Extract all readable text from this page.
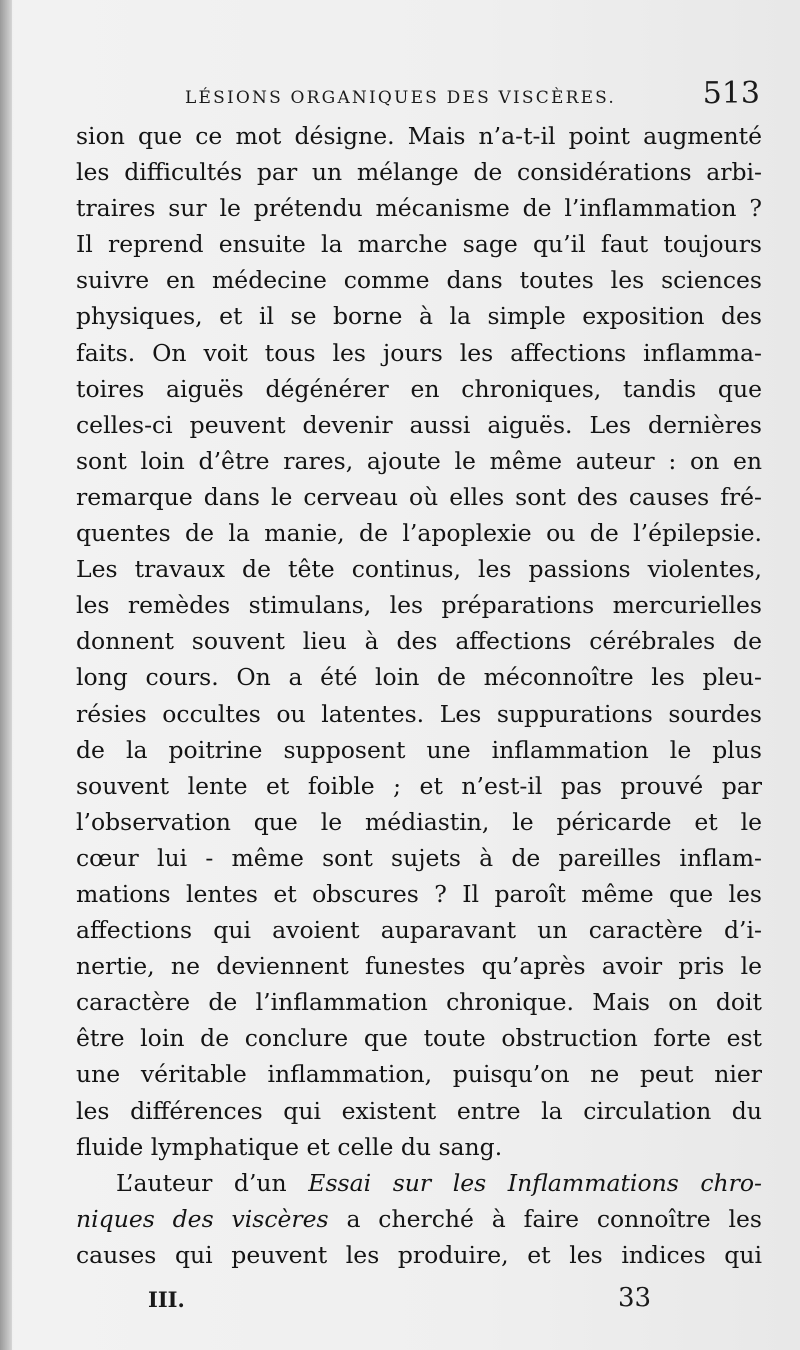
LÉSIONS ORGANIQUES DES VISCÈRES.	513
sion que ce mot désigne. Mais n’a-t-il point augmenté
les difficultés par un mélange de considérations arbi-
traires sur le prétendu mécanisme de l’inflammation ?
Il reprend ensuite la marche sage qu’il faut toujours
suivre en médecine comme dans toutes les sciences
physiques, et il se borne à la simple exposition des
faits. On voit tous les jours les affections inflamma-
toires aiguës dégénérer en chroniques, tandis que
celles-ci peuvent devenir aussi aiguës. Les dernières
sont loin d’être rares, ajoute le même auteur : on en
remarque dans le cerveau où elles sont des causes fré-
quentes de la manie, de l’apoplexie ou de l’épilepsie.
Les travaux de tête continus, les passions violentes,
les remèdes stimulans, les préparations mercurielles
donnent souvent lieu à des affections cérébrales de
long cours. On a été loin de méconnoître les pleu-
résies occultes ou latentes. Les suppurations sourdes
de la poitrine supposent une inflammation le plus
souvent lente et foible ; et n’est-il pas prouvé par
l’observation que le médiastin, le péricarde et le
cœur lui - même sont sujets à de pareilles inflam-
mations lentes et obscures ? Il paroît même que les
affections qui avoient auparavant un caractère d’i-
nertie, ne deviennent funestes qu’après avoir pris le
caractère de l’inflammation chronique. Mais on doit
être loin de conclure que toute obstruction forte est
une véritable inflammation, puisqu’on ne peut nier
les différences qui existent entre la circulation du
fluide lymphatique et celle du sang.
L’auteur d’un Essai sur les Inflammations chro-
niques des viscères a cherché à faire connoître les
causes qui peuvent les produire, et les indices qui
III.	33
